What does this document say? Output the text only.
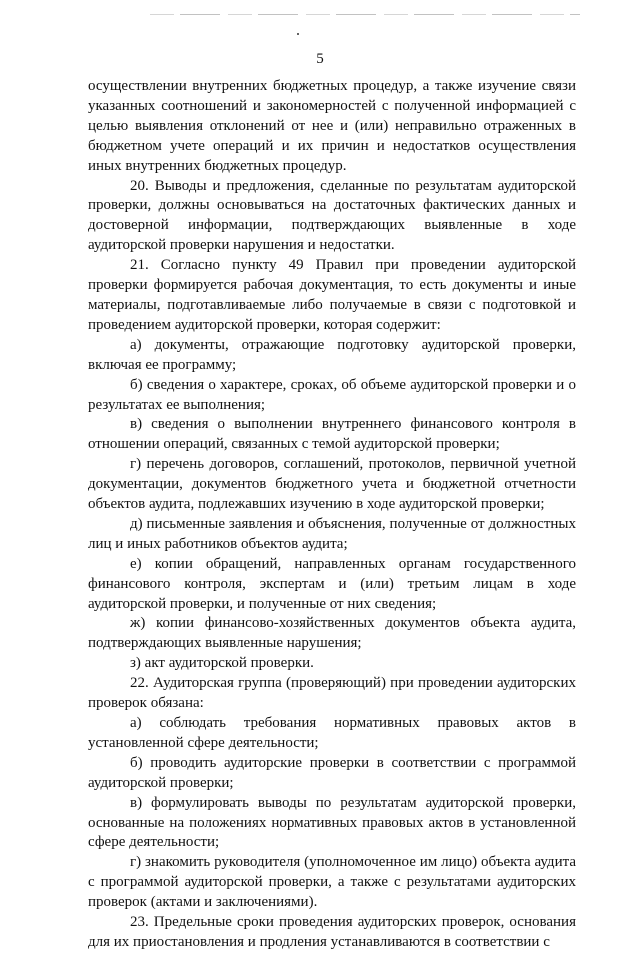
5

осуществлении внутренних бюджетных процедур, а также изучение связи указанных соотношений и закономерностей с полученной информацией с целью выявления отклонений от нее и (или) неправильно отраженных в бюджетном учете операций и их причин и недостатков осуществления иных внутренних бюджетных процедур.

20. Выводы и предложения, сделанные по результатам аудиторской проверки, должны основываться на достаточных фактических данных и достоверной информации, подтверждающих выявленные в ходе аудиторской проверки нарушения и недостатки.

21. Согласно пункту 49 Правил при проведении аудиторской проверки формируется рабочая документация, то есть документы и иные материалы, подготавливаемые либо получаемые в связи с подготовкой и проведением аудиторской проверки, которая содержит:

а) документы, отражающие подготовку аудиторской проверки, включая ее программу;

б) сведения о характере, сроках, об объеме аудиторской проверки и о результатах ее выполнения;

в) сведения о выполнении внутреннего финансового контроля в отношении операций, связанных с темой аудиторской проверки;

г) перечень договоров, соглашений, протоколов, первичной учетной документации, документов бюджетного учета и бюджетной отчетности объектов аудита, подлежавших изучению в ходе аудиторской проверки;

д) письменные заявления и объяснения, полученные от должностных лиц и иных работников объектов аудита;

е) копии обращений, направленных органам государственного финансового контроля, экспертам и (или) третьим лицам в ходе аудиторской проверки, и полученные от них сведения;

ж) копии финансово-хозяйственных документов объекта аудита, подтверждающих выявленные нарушения;

з) акт аудиторской проверки.

22. Аудиторская группа (проверяющий) при проведении аудиторских проверок обязана:

а) соблюдать требования нормативных правовых актов в установленной сфере деятельности;

б) проводить аудиторские проверки в соответствии с программой аудиторской проверки;

в) формулировать выводы по результатам аудиторской проверки, основанные на положениях нормативных правовых актов в установленной сфере деятельности;

г) знакомить руководителя (уполномоченное им лицо) объекта аудита с программой аудиторской проверки, а также с результатами аудиторских проверок (актами и заключениями).

23. Предельные сроки проведения аудиторских проверок, основания для их приостановления и продления устанавливаются в соответствии с
